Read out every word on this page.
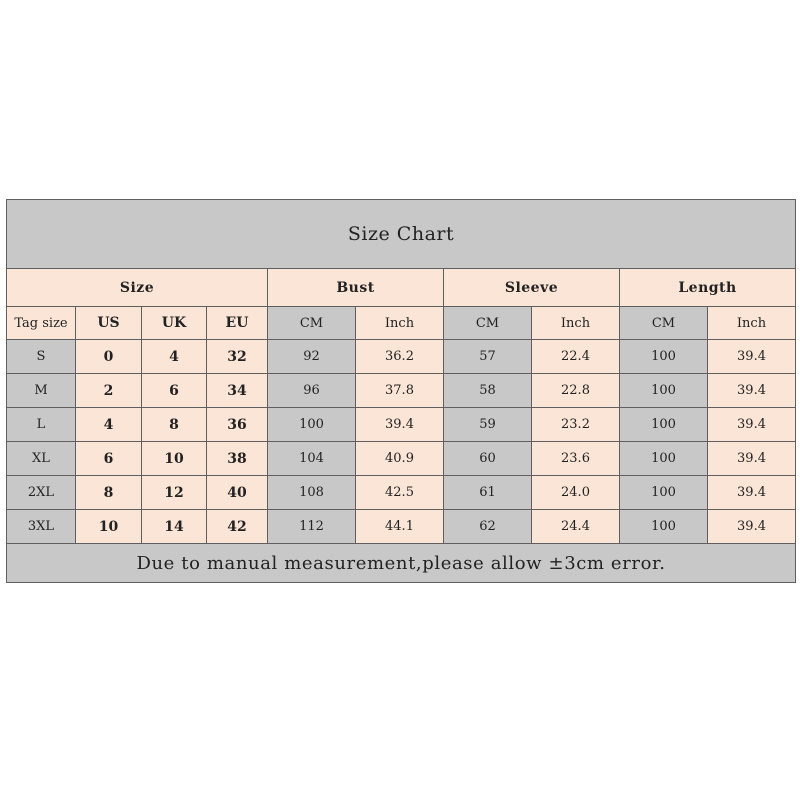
Size Chart									
Size				Bust		Sleeve		Length	
Tag size	US	UK	EU	CM	Inch	CM	Inch	CM	Inch
S	0	4	32	92	36.2	57	22.4	100	39.4
M	2	6	34	96	37.8	58	22.8	100	39.4
L	4	8	36	100	39.4	59	23.2	100	39.4
XL	6	10	38	104	40.9	60	23.6	100	39.4
2XL	8	12	40	108	42.5	61	24.0	100	39.4
3XL	10	14	42	112	44.1	62	24.4	100	39.4
Due to manual measurement,please allow ±3cm error.									
